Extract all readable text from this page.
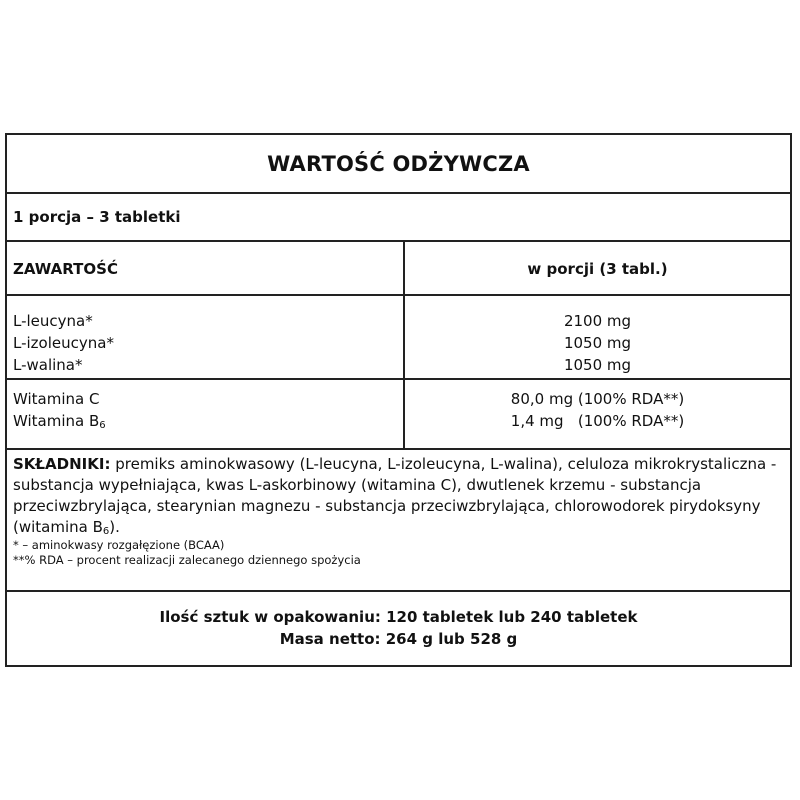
WARTOŚĆ ODŻYWCZA
1 porcja – 3 tabletki
ZAWARTOŚĆ	w porcji (3 tabl.)
L-leucyna*
L-izoleucyna*
L-walina*
2100 mg
1050 mg
1050 mg
Witamina C
Witamina $B_6$
80,0 mg (100% RDA**)
1,4 mg   (100% RDA**)
SKŁADNIKI: premiks aminokwasowy (L-leucyna, L-izoleucyna, L-walina), celuloza mikrokrystaliczna - substancja wypełniająca, kwas L-askorbinowy (witamina C), dwutlenek krzemu - substancja przeciwzbrylająca, stearynian magnezu - substancja przeciwzbrylająca, chlorowodorek pirydoksyny (witamina $B_6$).
* – aminokwasy rozgałęzione (BCAA)
**% RDA – procent realizacji zalecanego dziennego spożycia
Ilość sztuk w opakowaniu: 120 tabletek lub 240 tabletek
Masa netto: 264 g lub 528 g
